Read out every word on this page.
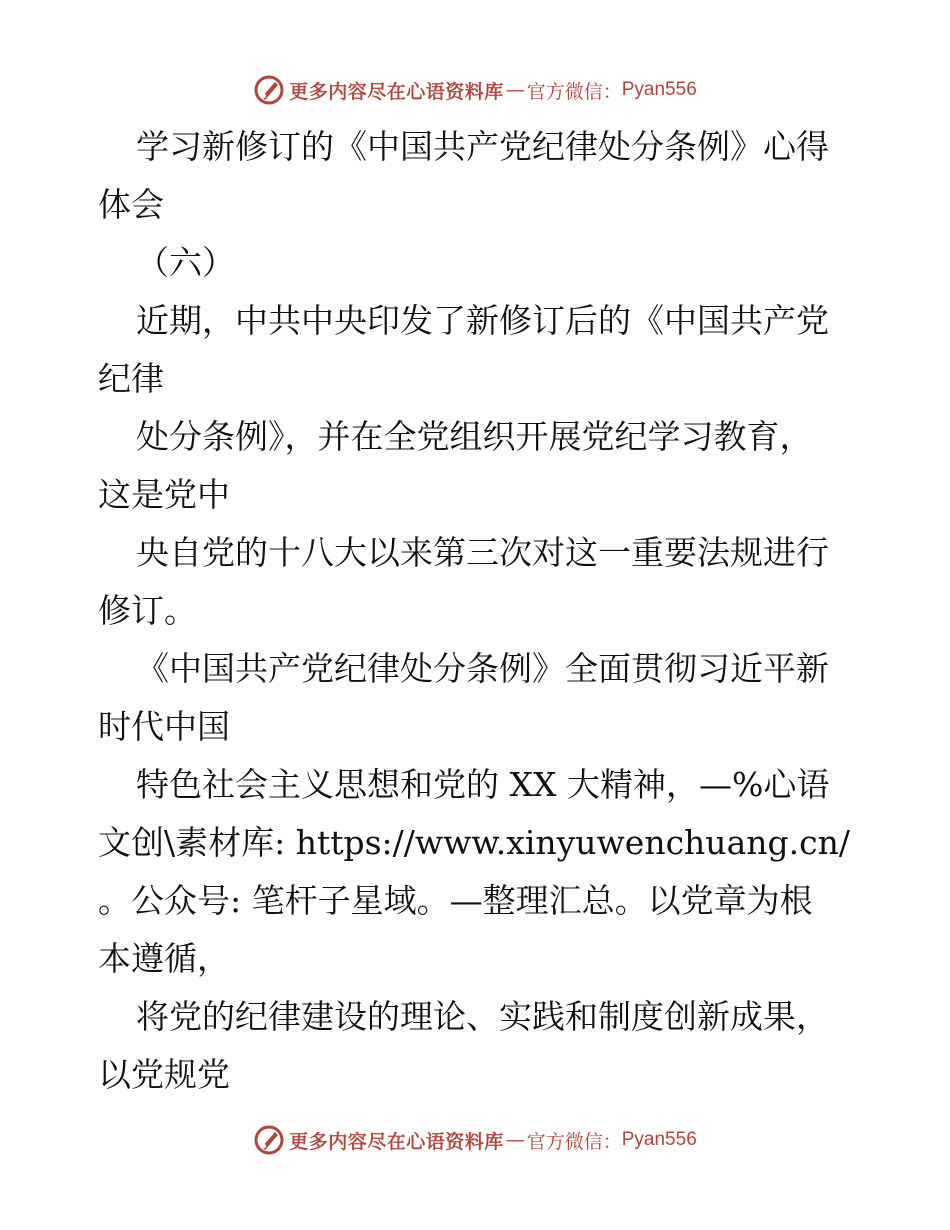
更多内容尽在心语资料库 — 官方微信： Pyan556
学习新修订的《中国共产党纪律处分条例》心得
体会
（六）
近期，中共中央印发了新修订后的《中国共产党
纪律
处分条例》，并在全党组织开展党纪学习教育，
这是党中
央自党的十八大以来第三次对这一重要法规进行
修订。
《中国共产党纪律处分条例》全面贯彻习近平新
时代中国
特色社会主义思想和党的 XX 大精神，—%心语
文创\素材库: https://www.xinyuwenchuang.cn/
。公众号: 笔杆子星域。—整理汇总。以党章为根
本遵循，
将党的纪律建设的理论、实践和制度创新成果，
以党规党
更多内容尽在心语资料库 — 官方微信： Pyan556
